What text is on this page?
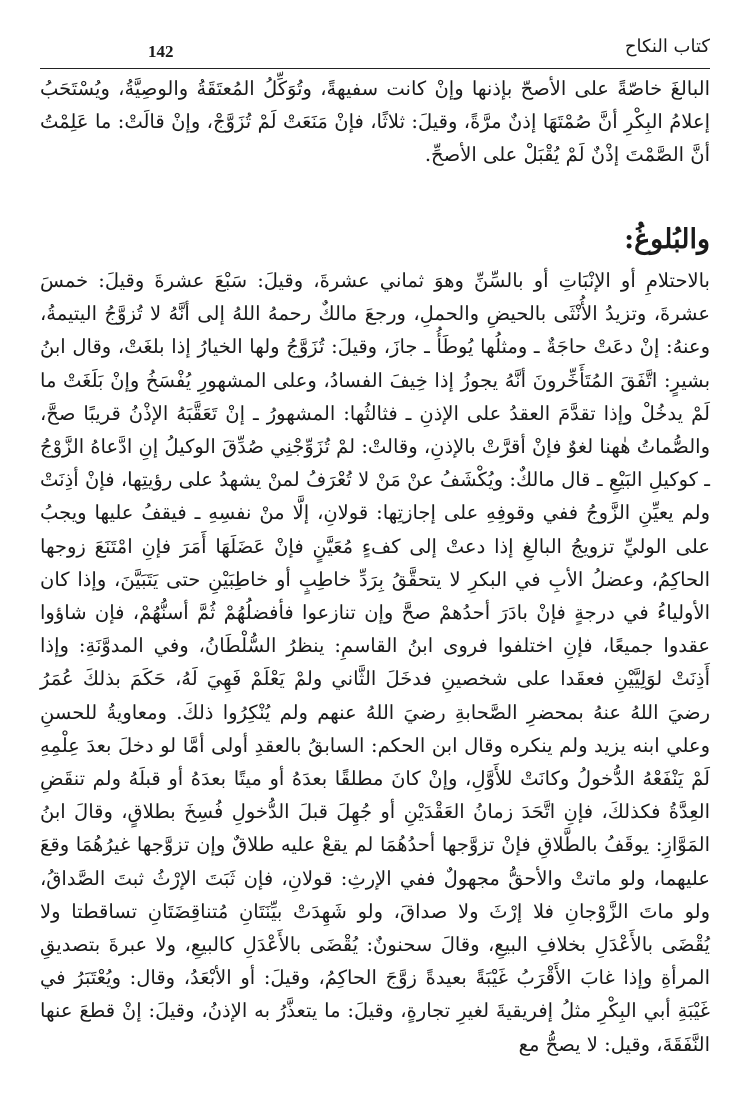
142	كتاب النكاح

البالغَ خاصّةً على الأصحّ بإذنها وإنْ كانت سفيهةً، وتُوَكِّلُ المُعتَقَةُ والوصِيَّةُ، ويُسْتَحَبُ إعلامُ البِكْرِ أنَّ صُمْتَهَا إذنٌ مرَّةً، وقيلَ: ثلاثًا، فإنْ مَنَعَتْ لَمْ تُزَوَّجْ، وإنْ قالَتْ: ما عَلِمْتُ أنَّ الصَّمْتَ إذْنٌ لَمْ يُقْبَلْ على الأصحِّ.

والبُلوغُ:

بالاحتلامِ أو الإنْبَاتِ أو بالسِّنِّ وهوَ ثماني عشرةَ، وقيلَ: سَبْعَ عشرةَ وقيلَ: خمسَ عشرةَ، وتزيدُ الأُنْثَى بالحيضِ والحملِ، ورجعَ مالكٌ رحمهُ اللهُ إلى أنَّهُ لا تُزوَّجُ اليتيمةُ، وعنهُ: إنْ دعَتْ حاجَةٌ ـ ومثلُها يُوطَأُ ـ جازَ، وقيلَ: تُزَوَّجُ ولها الخيارُ إذا بلغَتْ، وقال ابنُ بشيرٍ: اتَّفَقَ المُتَأَخِّرونَ أنَّهُ يجوزُ إذا خِيفَ الفسادُ، وعلى المشهورِ يُفْسَخُ وإنْ بَلَغَتْ ما لَمْ يدخُلْ وإذا تقدَّمَ العقدُ على الإذنِ ـ فثالثُها: المشهورُ ـ إنْ تَعَقَّبَهُ الإذْنُ قريبًا صحَّ، والصُّماتُ هٰهنا لغوٌ فإنْ أقرَّتْ بالإذنِ، وقالتْ: لمْ تُزَوِّجْنِي صُدِّقَ الوكيلُ إنِ ادَّعاهُ الزَّوْجُ ـ كوكيلِ البَيْعِ ـ قال مالكٌ: ويُكْشَفُ عنْ مَنْ لا تُعْرَفُ لمنْ يشهدُ على رؤيتِها، فإنْ أذِنَتْ ولم يعيِّنِ الزَّوجُ ففي وقوفِهِ على إجازتِها: قولانِ، إلَّا منْ نفسِهِ ـ فيقفُ عليها ويجبُ على الوليِّ تزويجُ البالغِ إذا دعتْ إلى كفءٍ مُعَيَّنٍ فإنْ عَضَلَهَا أَمَرَ فإنِ امْتَنَعَ زوجها الحاكِمُ، وعضلُ الأبِ في البكرِ لا يتحقَّقُ بِرَدِّ خاطِبٍ أو خاطِبَيْنِ حتى يَتَبَيَّنَ، وإذا كان الأولياءُ في درجةٍ فإنْ بادَرَ أحدُهمْ صحَّ وإن تنازعوا فأفضلُهُمْ ثُمَّ أسنُّهُمْ، فإن شاؤوا عقدوا جميعًا، فإنِ اختلفوا فروى ابنُ القاسمِ: ينظرُ السُّلْطَانُ، وفي المدوَّنَةِ: وإذا أَذِنَتْ لوَلِيَّيْنِ فعقَدا على شخصينِ فدخَلَ الثَّاني ولمْ يَعْلَمْ فَهِيَ لَهُ، حَكَمَ بذلكَ عُمَرُ رضيَ اللهُ عنهُ بمحضرِ الصَّحابةِ رضيَ اللهُ عنهم ولم يُنْكِرُوا ذلكَ. ومعاويةُ للحسنِ وعلي ابنه يزيد ولم ينكره وقال ابن الحكم: السابقُ بالعقدِ أولى أمَّا لو دخلَ بعدَ عِلْمِهِ لَمْ يَنْفَعْهُ الدُّخولُ وكانَتْ للأَوَّلِ، وإنْ كانَ مطلقًا بعدَهُ أو ميتًا بعدَهُ أو قبلَهُ ولم تنقَضِ العِدَّةُ فكذلكَ، فإنِ اتَّحَدَ زمانُ العَقْدَيْنِ أو جُهِلَ قبلَ الدُّخولِ فُسِخَ بطلاقٍ، وقالَ ابنُ المَوَّازِ: يوقَفُ بالطَّلاقِ فإنْ تزوَّجها أحدُهُمَا لم يقعْ عليه طلاقٌ وإن تزوَّجها غيرُهُمَا وقعَ عليهما، ولو ماتتْ والأحقُّ مجهولٌ ففي الإرثِ: قولانِ، فإن ثَبَتَ الإرْثُ ثبتَ الصَّداقُ، ولو ماتَ الزَّوْجانِ فلا إرْثَ ولا صداقَ، ولو شَهِدَتْ بيِّنَتَانِ مُتناقِضَتَانِ تساقطتا ولا يُقْضَى بالأَعْدَلِ بخلافِ البيعِ، وقالَ سحنونٌ: يُقْضَى بالأَعْدَلِ كالبيعِ، ولا عبرةَ بتصديقِ المرأةِ وإذا غابَ الأَقْرَبُ غَيْبَةً بعيدةً زوَّجَ الحاكِمُ، وقيلَ: أو الأبْعَدُ، وقال: ويُعْتَبَرُ في غَيْبَةِ أبي البِكْرِ مثلُ إفريقيةَ لغيرِ تجارةٍ، وقيلَ: ما يتعذَّرُ به الإذنُ، وقيلَ: إنْ قطعَ عنها النَّفَقَةَ، وقيل: لا يصحُّ مع
